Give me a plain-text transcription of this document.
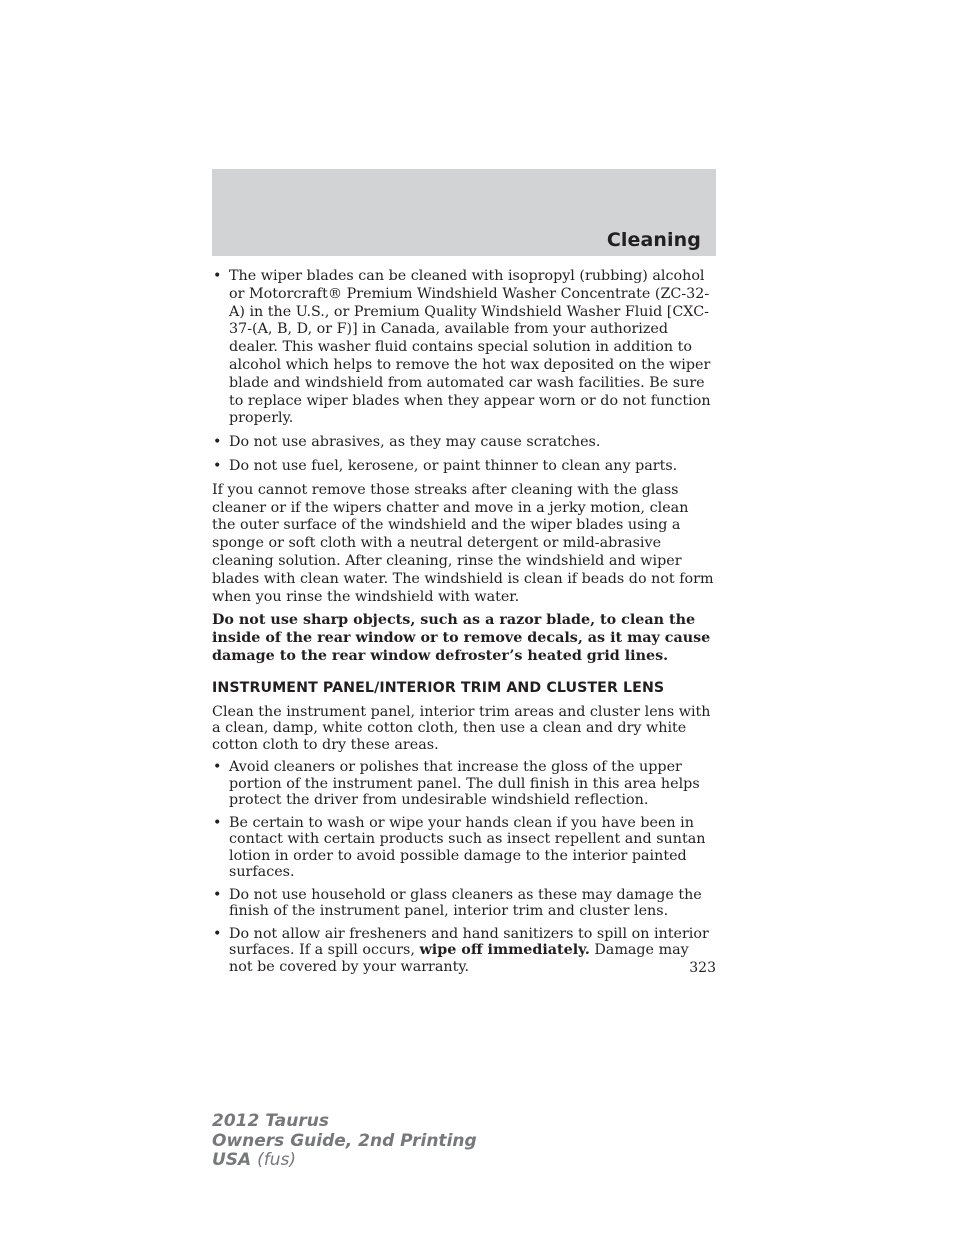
Cleaning
• The wiper blades can be cleaned with isopropyl (rubbing) alcohol or Motorcraft® Premium Windshield Washer Concentrate (ZC-32-A) in the U.S., or Premium Quality Windshield Washer Fluid [CXC-37-(A, B, D, or F)] in Canada, available from your authorized dealer. This washer fluid contains special solution in addition to alcohol which helps to remove the hot wax deposited on the wiper blade and windshield from automated car wash facilities. Be sure to replace wiper blades when they appear worn or do not function properly.
• Do not use abrasives, as they may cause scratches.
• Do not use fuel, kerosene, or paint thinner to clean any parts.

If you cannot remove those streaks after cleaning with the glass cleaner or if the wipers chatter and move in a jerky motion, clean the outer surface of the windshield and the wiper blades using a sponge or soft cloth with a neutral detergent or mild-abrasive cleaning solution. After cleaning, rinse the windshield and wiper blades with clean water. The windshield is clean if beads do not form when you rinse the windshield with water.

Do not use sharp objects, such as a razor blade, to clean the inside of the rear window or to remove decals, as it may cause damage to the rear window defroster’s heated grid lines.

INSTRUMENT PANEL/INTERIOR TRIM AND CLUSTER LENS

Clean the instrument panel, interior trim areas and cluster lens with a clean, damp, white cotton cloth, then use a clean and dry white cotton cloth to dry these areas.

• Avoid cleaners or polishes that increase the gloss of the upper portion of the instrument panel. The dull finish in this area helps protect the driver from undesirable windshield reflection.
• Be certain to wash or wipe your hands clean if you have been in contact with certain products such as insect repellent and suntan lotion in order to avoid possible damage to the interior painted surfaces.
• Do not use household or glass cleaners as these may damage the finish of the instrument panel, interior trim and cluster lens.
• Do not allow air fresheners and hand sanitizers to spill on interior surfaces. If a spill occurs, wipe off immediately. Damage may not be covered by your warranty.	323
2012 Taurus
Owners Guide, 2nd Printing
USA (fus)
